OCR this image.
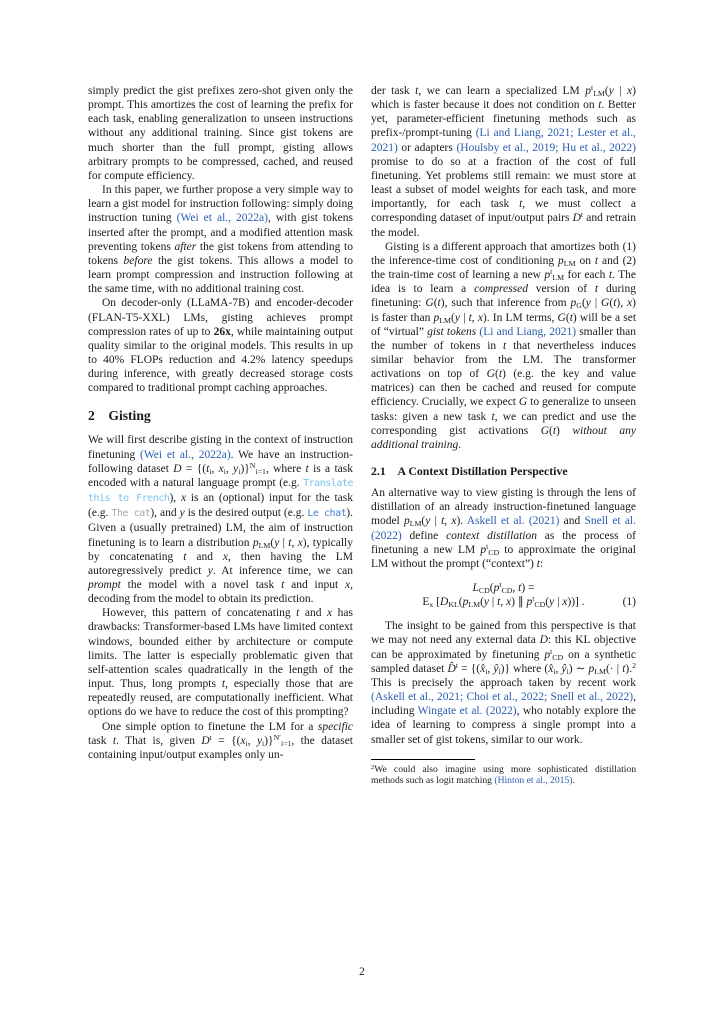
simply predict the gist prefixes zero-shot given only the prompt. This amortizes the cost of learning the prefix for each task, enabling generalization to unseen instructions without any additional training. Since gist tokens are much shorter than the full prompt, gisting allows arbitrary prompts to be compressed, cached, and reused for compute efficiency.
In this paper, we further propose a very simple way to learn a gist model for instruction following: simply doing instruction tuning (Wei et al., 2022a), with gist tokens inserted after the prompt, and a modified attention mask preventing tokens after the gist tokens from attending to tokens before the gist tokens. This allows a model to learn prompt compression and instruction following at the same time, with no additional training cost.
On decoder-only (LLaMA-7B) and encoder-decoder (FLAN-T5-XXL) LMs, gisting achieves prompt compression rates of up to 26x, while maintaining output quality similar to the original models. This results in up to 40% FLOPs reduction and 4.2% latency speedups during inference, with greatly decreased storage costs compared to traditional prompt caching approaches.
2 Gisting
We will first describe gisting in the context of instruction finetuning (Wei et al., 2022a). We have an instruction-following dataset D = {(ti, xi, yi)}$^N$i=1, where t is a task encoded with a natural language prompt (e.g. Translate this to French), x is an (optional) input for the task (e.g. The cat), and y is the desired output (e.g. Le chat). Given a (usually pretrained) LM, the aim of instruction finetuning is to learn a distribution pLM(y | t, x), typically by concatenating t and x, then having the LM autoregressively predict y. At inference time, we can prompt the model with a novel task t and input x, decoding from the model to obtain its prediction.
However, this pattern of concatenating t and x has drawbacks: Transformer-based LMs have limited context windows, bounded either by architecture or compute limits. The latter is especially problematic given that self-attention scales quadratically in the length of the input. Thus, long prompts t, especially those that are repeatedly reused, are computationally inefficient. What options do we have to reduce the cost of this prompting?
One simple option to finetune the LM for a specific task t. That is, given $D^t = \{(xi$, yi)}$^{N'}$i=1, the dataset containing input/output examples only un-
der task t, we can learn a specialized LM $p^tLM(y$ | x) which is faster because it does not condition on t. Better yet, parameter-efficient finetuning methods such as prefix-/prompt-tuning (Li and Liang, 2021; Lester et al., 2021) or adapters (Houlsby et al., 2019; Hu et al., 2022) promise to do so at a fraction of the cost of full finetuning. Yet problems still remain: we must store at least a subset of model weights for each task, and more importantly, for each task t, we must collect a corresponding dataset of input/output pairs $D^t$ and retrain the model.
Gisting is a different approach that amortizes both (1) the inference-time cost of conditioning pLM on t and (2) the train-time cost of learning a new $p^tLM$ for each t. The idea is to learn a compressed version of t during finetuning: G(t), such that inference from pG(y | G(t), x) is faster than pLM(y | t, x). In LM terms, G(t) will be a set of “virtual” gist tokens (Li and Liang, 2021) smaller than the number of tokens in t that nevertheless induces similar behavior from the LM. The transformer activations on top of G(t) (e.g. the key and value matrices) can then be cached and reused for compute efficiency. Crucially, we expect G to generalize to unseen tasks: given a new task t, we can predict and use the corresponding gist activations G(t) without any additional training.
2.1 A Context Distillation Perspective
An alternative way to view gisting is through the lens of distillation of an already instruction-finetuned language model pLM(y | t, x). Askell et al. (2021) and Snell et al. (2022) define context distillation as the process of finetuning a new LM $p^tCD$ to approximate the original LM without the prompt (“context”) t:
$LCD(p^tCD$, t) =
Ex [DKL(pLM(y | t, x) ∥ $p^tCD(y$ | x))] .	(1)
The insight to be gained from this perspective is that we may not need any external data D: this KL objective can be approximated by finetuning $p^tCD$ on a synthetic sampled dataset D̂$^t$ = {(x̂i, ŷi)} where (x̂i, ŷi) ∼ pLM(· | t).$^2$ This is precisely the approach taken by recent work (Askell et al., 2021; Choi et al., 2022; Snell et al., 2022), including Wingate et al. (2022), who notably explore the idea of learning to compress a single prompt into a smaller set of gist tokens, similar to our work.
$^2$We could also imagine using more sophisticated distillation methods such as logit matching (Hinton et al., 2015).
2
